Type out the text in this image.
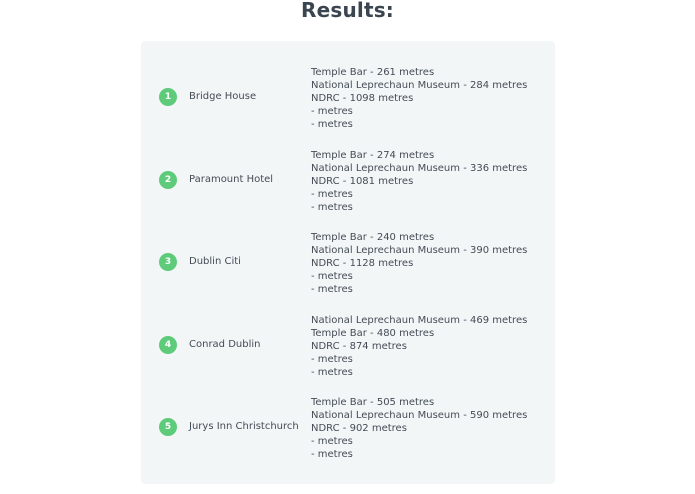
Results:
1	Bridge House
Temple Bar - 261 metres
National Leprechaun Museum - 284 metres
NDRC - 1098 metres
- metres
- metres
2	Paramount Hotel
Temple Bar - 274 metres
National Leprechaun Museum - 336 metres
NDRC - 1081 metres
- metres
- metres
3	Dublin Citi
Temple Bar - 240 metres
National Leprechaun Museum - 390 metres
NDRC - 1128 metres
- metres
- metres
4	Conrad Dublin
National Leprechaun Museum - 469 metres
Temple Bar - 480 metres
NDRC - 874 metres
- metres
- metres
5	Jurys Inn Christchurch
Temple Bar - 505 metres
National Leprechaun Museum - 590 metres
NDRC - 902 metres
- metres
- metres
